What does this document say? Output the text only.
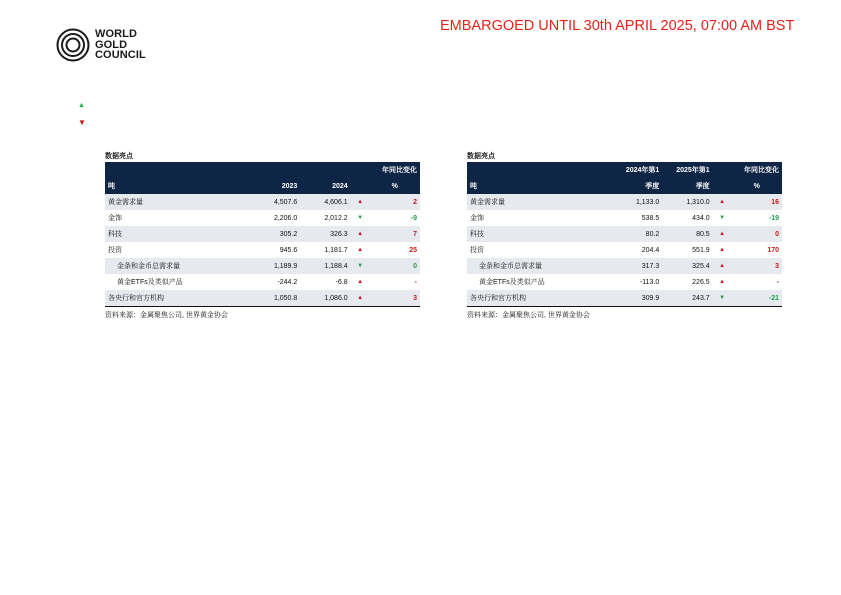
WORLD
GOLD
COUNCIL
EMBARGOED UNTIL 30th APRIL 2025, 07:00 AM BST
▲
▼
数据亮点
				年同比变化
吨	2023	2024		%
黄金需求量	4,507.6	4,606.1	▲	2
金饰	2,206.0	2,012.2	▼	-9
科技	305.2	326.3	▲	7
投资	945.6	1,181.7	▲	25
金条和金币总需求量	1,189.9	1,188.4	▼	0
黄金ETFs及类似产品	-244.2	-6.8	▲	-
各央行和官方机构	1,050.8	1,086.0	▲	3
资料来源：金属聚焦公司, 世界黄金协会
数据亮点
	2024年第1	2025年第1		年同比变化
吨	季度	季度		%
黄金需求量	1,133.0	1,310.0	▲	16
金饰	538.5	434.0	▼	-19
科技	80.2	80.5	▲	0
投资	204.4	551.9	▲	170
金条和金币总需求量	317.3	325.4	▲	3
黄金ETFs及类似产品	-113.0	226.5	▲	-
各央行和官方机构	309.9	243.7	▼	-21
资料来源：金属聚焦公司, 世界黄金协会
